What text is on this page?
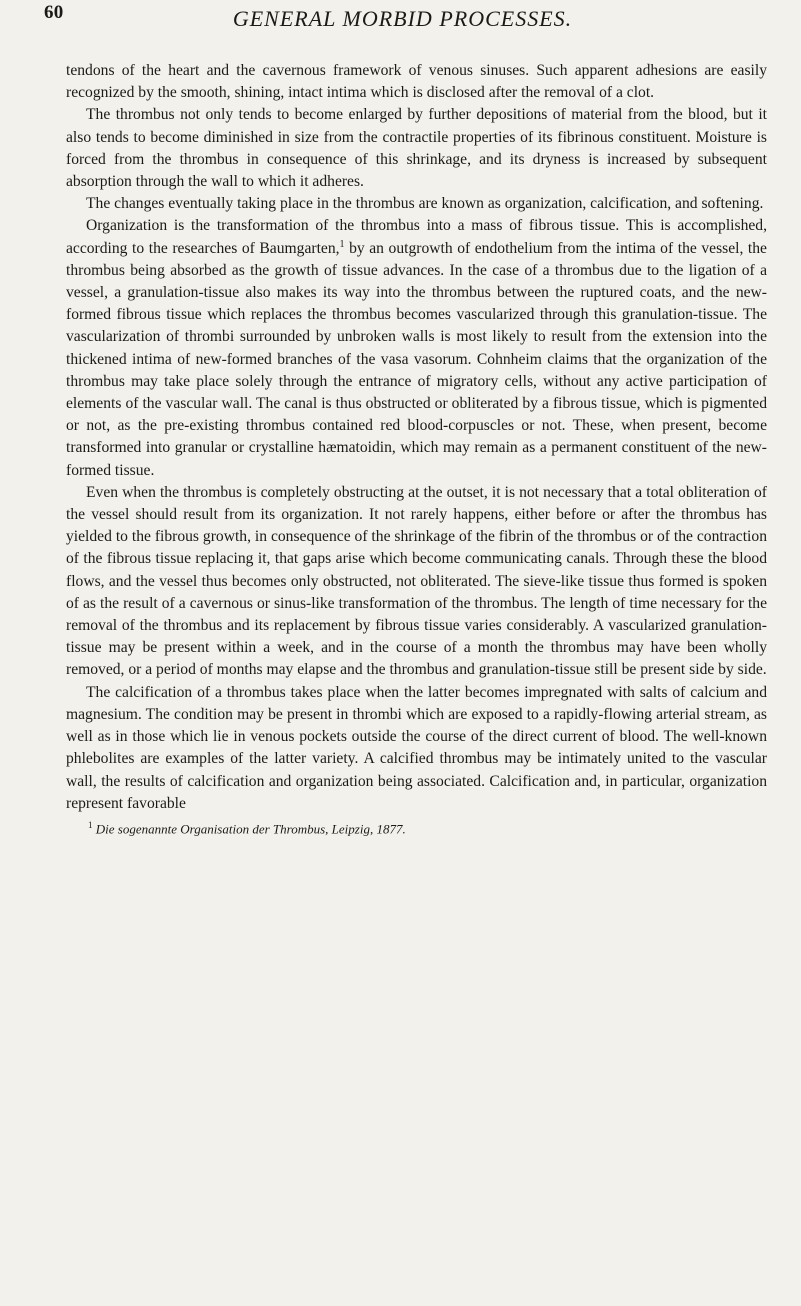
60	GENERAL MORBID PROCESSES.

tendons of the heart and the cavernous framework of venous sinuses. Such apparent adhesions are easily recognized by the smooth, shining, intact intima which is disclosed after the removal of a clot.

The thrombus not only tends to become enlarged by further depositions of material from the blood, but it also tends to become diminished in size from the contractile properties of its fibrinous constituent. Moisture is forced from the thrombus in consequence of this shrinkage, and its dryness is increased by subsequent absorption through the wall to which it adheres.

The changes eventually taking place in the thrombus are known as organization, calcification, and softening.

Organization is the transformation of the thrombus into a mass of fibrous tissue. This is accomplished, according to the researches of Baumgarten,$^1$ by an outgrowth of endothelium from the intima of the vessel, the thrombus being absorbed as the growth of tissue advances. In the case of a thrombus due to the ligation of a vessel, a granulation-tissue also makes its way into the thrombus between the ruptured coats, and the new-formed fibrous tissue which replaces the thrombus becomes vascularized through this granulation-tissue. The vascularization of thrombi surrounded by unbroken walls is most likely to result from the extension into the thickened intima of new-formed branches of the vasa vasorum. Cohnheim claims that the organization of the thrombus may take place solely through the entrance of migratory cells, without any active participation of elements of the vascular wall. The canal is thus obstructed or obliterated by a fibrous tissue, which is pigmented or not, as the pre-existing thrombus contained red blood-corpuscles or not. These, when present, become transformed into granular or crystalline hæmatoidin, which may remain as a permanent constituent of the new-formed tissue.

Even when the thrombus is completely obstructing at the outset, it is not necessary that a total obliteration of the vessel should result from its organization. It not rarely happens, either before or after the thrombus has yielded to the fibrous growth, in consequence of the shrinkage of the fibrin of the thrombus or of the contraction of the fibrous tissue replacing it, that gaps arise which become communicating canals. Through these the blood flows, and the vessel thus becomes only obstructed, not obliterated. The sieve-like tissue thus formed is spoken of as the result of a cavernous or sinus-like transformation of the thrombus. The length of time necessary for the removal of the thrombus and its replacement by fibrous tissue varies considerably. A vascularized granulation-tissue may be present within a week, and in the course of a month the thrombus may have been wholly removed, or a period of months may elapse and the thrombus and granulation-tissue still be present side by side.

The calcification of a thrombus takes place when the latter becomes impregnated with salts of calcium and magnesium. The condition may be present in thrombi which are exposed to a rapidly-flowing arterial stream, as well as in those which lie in venous pockets outside the course of the direct current of blood. The well-known phlebolites are examples of the latter variety. A calcified thrombus may be intimately united to the vascular wall, the results of calcification and organization being associated. Calcification and, in particular, organization represent favorable

$^1$ Die sogenannte Organisation der Thrombus, Leipzig, 1877.
